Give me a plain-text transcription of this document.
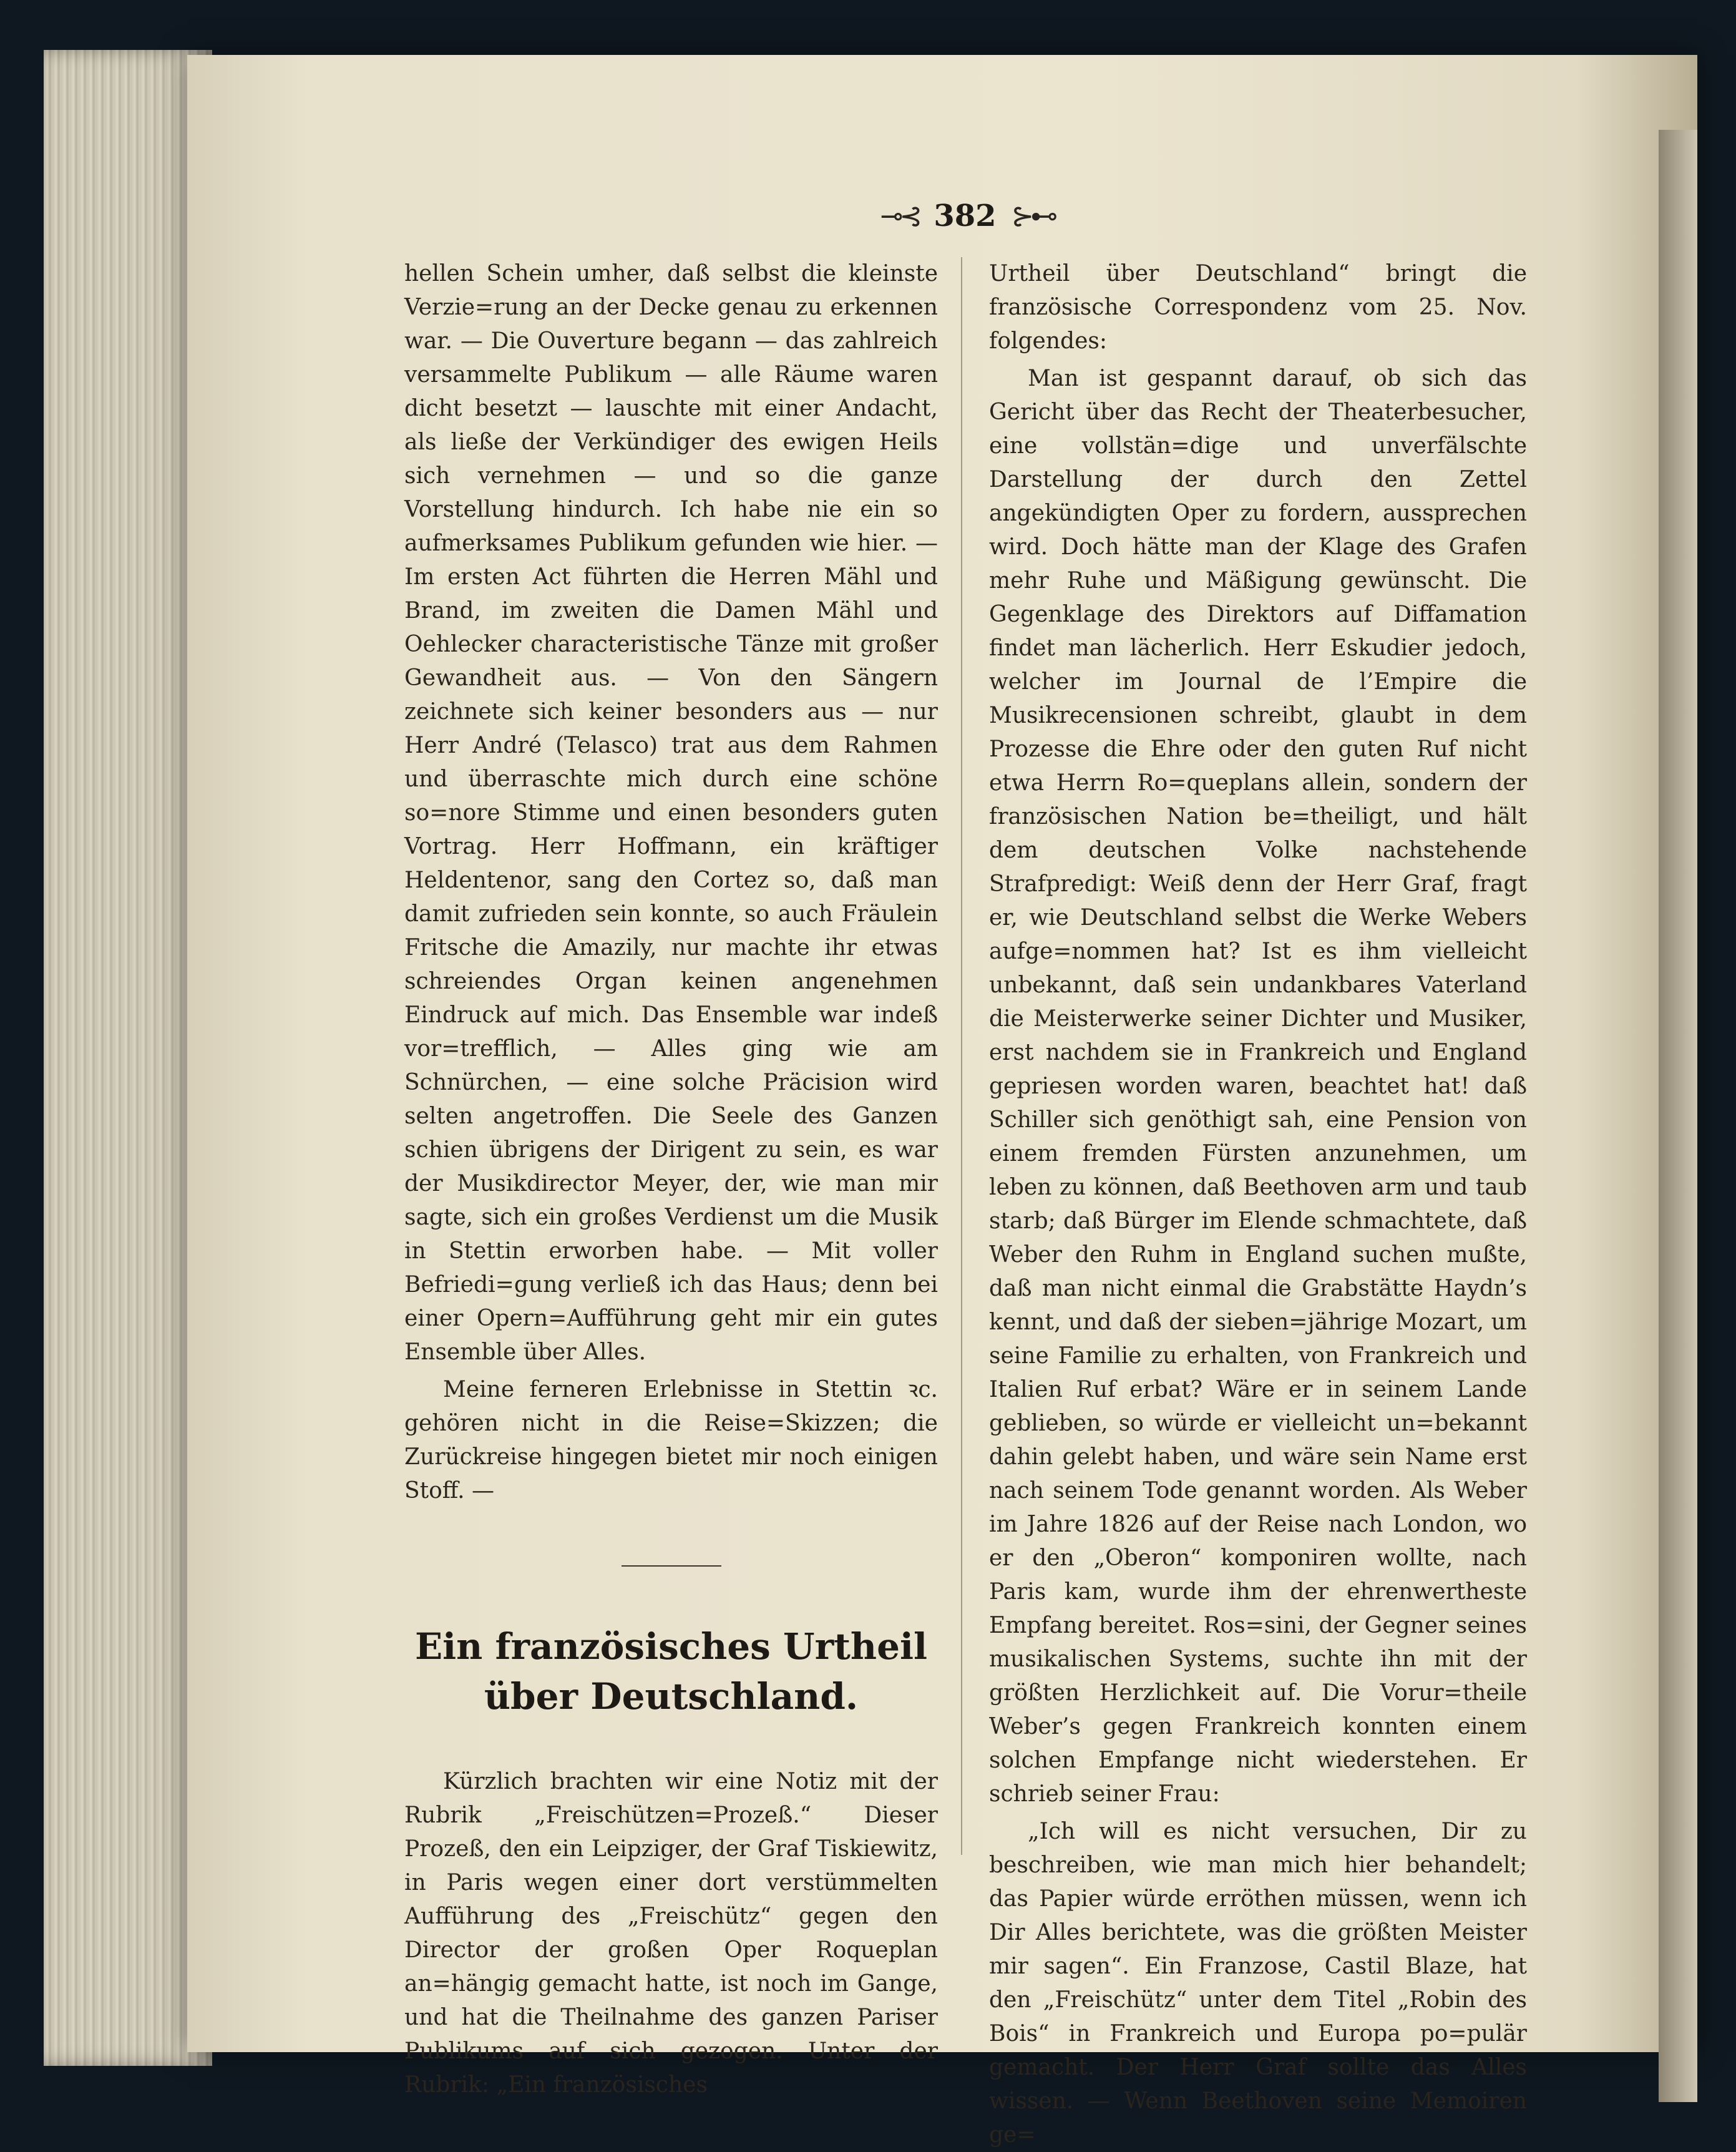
⊸⊰ 382 ⊱⊷

hellen Schein umher, daß selbst die kleinste Verzie=rung an der Decke genau zu erkennen war. — Die Ouverture begann — das zahlreich versammelte Publikum — alle Räume waren dicht besetzt — lauschte mit einer Andacht, als ließe der Verkündiger des ewigen Heils sich vernehmen — und so die ganze Vorstellung hindurch. Ich habe nie ein so aufmerksames Publikum gefunden wie hier. — Im ersten Act führten die Herren Mähl und Brand, im zweiten die Damen Mähl und Oehlecker characteristische Tänze mit großer Gewandheit aus. — Von den Sängern zeichnete sich keiner besonders aus — nur Herr André (Telasco) trat aus dem Rahmen und überraschte mich durch eine schöne so=nore Stimme und einen besonders guten Vortrag. Herr Hoffmann, ein kräftiger Heldentenor, sang den Cortez so, daß man damit zufrieden sein konnte, so auch Fräulein Fritsche die Amazily, nur machte ihr etwas schreiendes Organ keinen angenehmen Eindruck auf mich. Das Ensemble war indeß vor=trefflich, — Alles ging wie am Schnürchen, — eine solche Präcision wird selten angetroffen. Die Seele des Ganzen schien übrigens der Dirigent zu sein, es war der Musikdirector Meyer, der, wie man mir sagte, sich ein großes Verdienst um die Musik in Stettin erworben habe. — Mit voller Befriedi=gung verließ ich das Haus; denn bei einer Opern=Aufführung geht mir ein gutes Ensemble über Alles.

Meine ferneren Erlebnisse in Stettin ꝛc. gehören nicht in die Reise=Skizzen; die Zurückreise hingegen bietet mir noch einigen Stoff. —

Ein französisches Urtheil über Deutschland.

Kürzlich brachten wir eine Notiz mit der Rubrik „Freischützen=Prozeß.“ Dieser Prozeß, den ein Leipziger, der Graf Tiskiewitz, in Paris wegen einer dort verstümmelten Aufführung des „Freischütz“ gegen den Director der großen Oper Roqueplan an=hängig gemacht hatte, ist noch im Gange, und hat die Theilnahme des ganzen Pariser Publikums auf sich gezogen. Unter der Rubrik: „Ein französisches

Urtheil über Deutschland“ bringt die französische Correspondenz vom 25. Nov. folgendes:

Man ist gespannt darauf, ob sich das Gericht über das Recht der Theaterbesucher, eine vollstän=dige und unverfälschte Darstellung der durch den Zettel angekündigten Oper zu fordern, aussprechen wird. Doch hätte man der Klage des Grafen mehr Ruhe und Mäßigung gewünscht. Die Gegenklage des Direktors auf Diffamation findet man lächerlich. Herr Eskudier jedoch, welcher im Journal de l’Empire die Musikrecensionen schreibt, glaubt in dem Prozesse die Ehre oder den guten Ruf nicht etwa Herrn Ro=queplans allein, sondern der französischen Nation be=theiligt, und hält dem deutschen Volke nachstehende Strafpredigt: Weiß denn der Herr Graf, fragt er, wie Deutschland selbst die Werke Webers aufge=nommen hat? Ist es ihm vielleicht unbekannt, daß sein undankbares Vaterland die Meisterwerke seiner Dichter und Musiker, erst nachdem sie in Frankreich und England gepriesen worden waren, beachtet hat! daß Schiller sich genöthigt sah, eine Pension von einem fremden Fürsten anzunehmen, um leben zu können, daß Beethoven arm und taub starb; daß Bürger im Elende schmachtete, daß Weber den Ruhm in England suchen mußte, daß man nicht einmal die Grabstätte Haydn’s kennt, und daß der sieben=jährige Mozart, um seine Familie zu erhalten, von Frankreich und Italien Ruf erbat? Wäre er in seinem Lande geblieben, so würde er vielleicht un=bekannt dahin gelebt haben, und wäre sein Name erst nach seinem Tode genannt worden. Als Weber im Jahre 1826 auf der Reise nach London, wo er den „Oberon“ komponiren wollte, nach Paris kam, wurde ihm der ehrenwertheste Empfang bereitet. Ros=sini, der Gegner seines musikalischen Systems, suchte ihn mit der größten Herzlichkeit auf. Die Vorur=theile Weber’s gegen Frankreich konnten einem solchen Empfange nicht wiederstehen. Er schrieb seiner Frau:

„Ich will es nicht versuchen, Dir zu beschreiben, wie man mich hier behandelt; das Papier würde erröthen müssen, wenn ich Dir Alles berichtete, was die größten Meister mir sagen“. Ein Franzose, Castil Blaze, hat den „Freischütz“ unter dem Titel „Robin des Bois“ in Frankreich und Europa po=pulär gemacht. Der Herr Graf sollte das Alles wissen. — Wenn Beethoven seine Memoiren ge=
